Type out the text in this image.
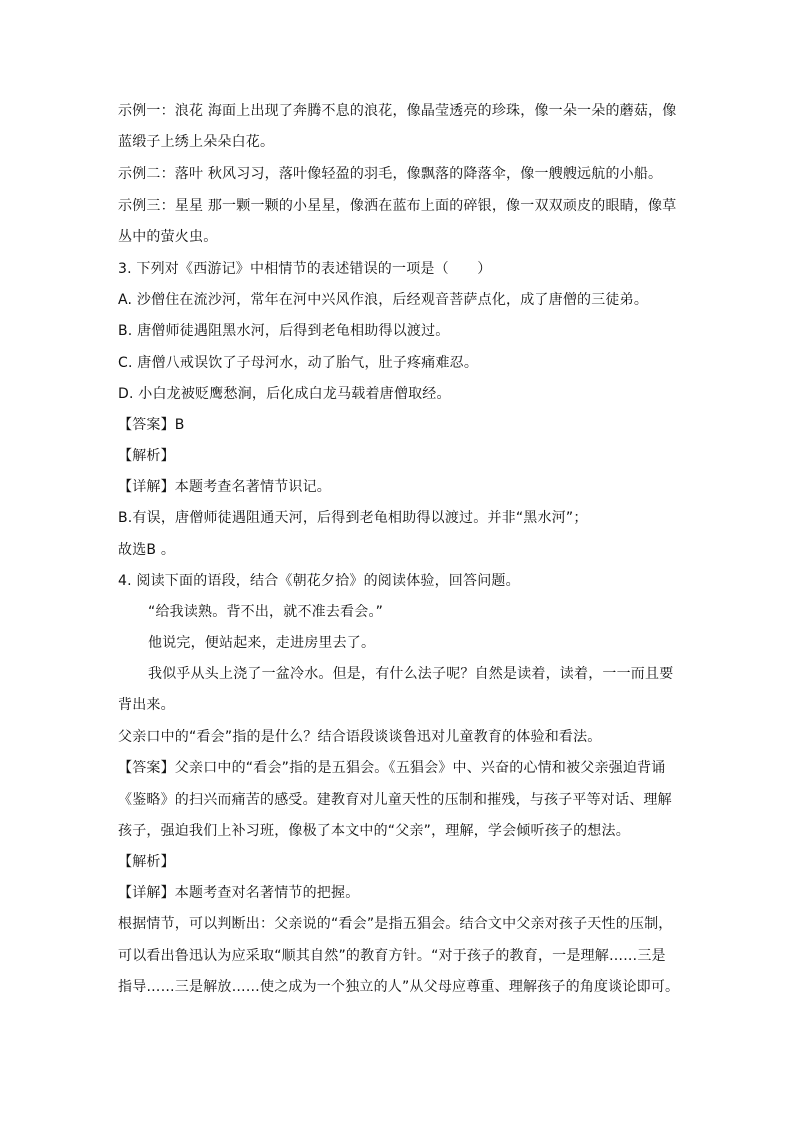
示例一：浪花 海面上出现了奔腾不息的浪花，像晶莹透亮的珍珠，像一朵一朵的蘑菇，像
蓝缎子上绣上朵朵白花。
示例二：落叶 秋风习习，落叶像轻盈的羽毛，像飘落的降落伞，像一艘艘远航的小船。
示例三：星星 那一颗一颗的小星星，像洒在蓝布上面的碎银，像一双双顽皮的眼睛，像草
丛中的萤火虫。
3. 下列对《西游记》中相情节的表述错误的一项是（　　）
A. 沙僧住在流沙河，常年在河中兴风作浪，后经观音菩萨点化，成了唐僧的三徒弟。
B. 唐僧师徒遇阻黑水河，后得到老龟相助得以渡过。
C. 唐僧八戒误饮了子母河水，动了胎气，肚子疼痛难忍。
D. 小白龙被贬鹰愁涧，后化成白龙马载着唐僧取经。
【答案】B
【解析】
【详解】本题考查名著情节识记。
B.有误，唐僧师徒遇阻通天河，后得到老龟相助得以渡过。并非“黑水河”；
故选B 。
4. 阅读下面的语段，结合《朝花夕拾》的阅读体验，回答问题。
“给我读熟。背不出，就不准去看会。”
他说完，便站起来，走进房里去了。
我似乎从头上浇了一盆冷水。但是，有什么法子呢？自然是读着，读着，一一而且要
背出来。
父亲口中的“看会”指的是什么？结合语段谈谈鲁迅对儿童教育的体验和看法。
【答案】父亲口中的“看会”指的是五猖会。《五猖会》中、兴奋的心情和被父亲强迫背诵
《鉴略》的扫兴而痛苦的感受。建教育对儿童天性的压制和摧残，与孩子平等对话、理解
孩子，强迫我们上补习班，像极了本文中的“父亲”，理解，学会倾听孩子的想法。
【解析】
【详解】本题考查对名著情节的把握。
根据情节，可以判断出：父亲说的“看会”是指五猖会。结合文中父亲对孩子天性的压制，
可以看出鲁迅认为应采取“顺其自然”的教育方针。“对于孩子的教育，一是理解……三是
指导……三是解放……使之成为一个独立的人”从父母应尊重、理解孩子的角度谈论即可。
